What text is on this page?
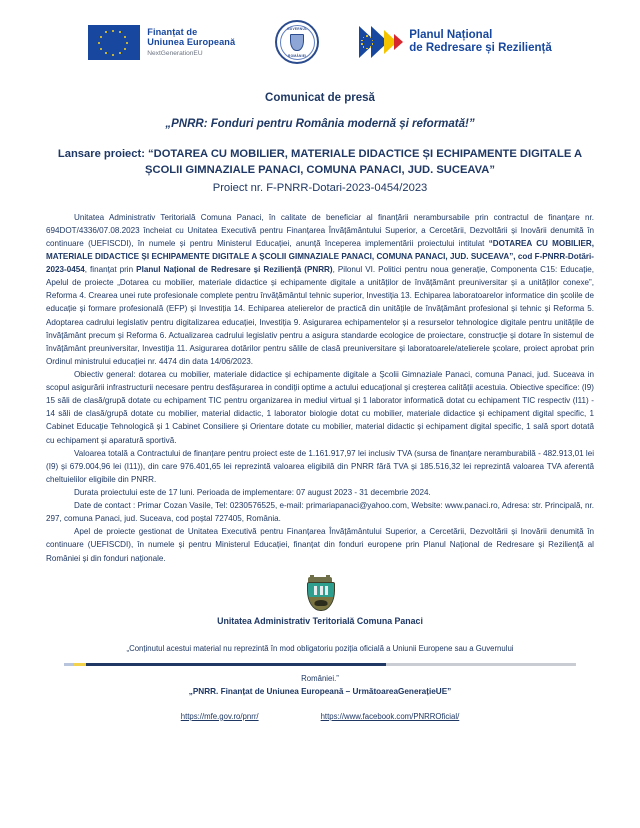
Finanțat de
Uniunea Europeană
NextGenerationEU
GUVERNUL
ROMÂNIEI
Planul Național
de Redresare și Reziliență
Comunicat de presă
„PNRR: Fonduri pentru România modernă și reformată!”
Lansare proiect: “DOTAREA CU MOBILIER, MATERIALE DIDACTICE ȘI ECHIPAMENTE DIGITALE A ȘCOLII GIMNAZIALE PANACI, COMUNA PANACI, JUD. SUCEAVA”
Proiect nr. F-PNRR-Dotari-2023-0454/2023

Unitatea Administrativ Teritorială Comuna Panaci, în calitate de beneficiar al finanțării nerambursabile prin contractul de finanțare nr. 694DOT/4336/07.08.2023 încheiat cu Unitatea Executivă pentru Finanțarea Învățământului Superior, a Cercetării, Dezvoltării și Inovării denumită în continuare (UEFISCDI), în numele și pentru Ministerul Educației, anunță începerea implementării proiectului intitulat “DOTAREA CU MOBILIER, MATERIALE DIDACTICE ȘI ECHIPAMENTE DIGITALE A ȘCOLII GIMNAZIALE PANACI, COMUNA PANACI, JUD. SUCEAVA”, cod F-PNRR-Dotări-2023-0454, finanțat prin Planul Național de Redresare și Reziliență (PNRR), Pilonul VI. Politici pentru noua generație, Componenta C15: Educație, Apelul de proiecte „Dotarea cu mobilier, materiale didactice și echipamente digitale a unităților de învățământ preuniversitar și a unităților conexe”, Reforma 4. Crearea unei rute profesionale complete pentru învățământul tehnic superior, Investiția 13. Echiparea laboratoarelor informatice din școlile de educație și formare profesională (EFP) și Investiția 14. Echiparea atelierelor de practică din unitățile de învățământ profesional și tehnic și Reforma 5. Adoptarea cadrului legislativ pentru digitalizarea educației, Investiția 9. Asigurarea echipamentelor și a resurselor tehnologice digitale pentru unitățile de învățământ precum și Reforma 6. Actualizarea cadrului legislativ pentru a asigura standarde ecologice de proiectare, construcție și dotare în sistemul de învățământ preuniversitar, Investiția 11. Asigurarea dotărilor pentru sălile de clasă preuniversitare și laboratoarele/atelierele școlare, proiect aprobat prin Ordinul ministrului educației nr. 4474 din data 14/06/2023.

Obiectiv general: dotarea cu mobilier, materiale didactice și echipamente digitale a Școlii Gimnaziale Panaci, comuna Panaci, jud. Suceava in scopul asigurării infrastructurii necesare pentru desfășurarea in condiții optime a actului educațional și creșterea calității acestuia. Obiective specifice: (I9) 15 săli de clasă/grupă dotate cu echipament TIC pentru organizarea in mediul virtual și 1 laborator informatică dotat cu echipament TIC respectiv (I11) - 14 săli de clasă/grupă dotate cu mobilier, material didactic, 1 laborator biologie dotat cu mobilier, materiale didactice și echipament digital specific, 1 Cabinet Educație Tehnologică și 1 Cabinet Consiliere și Orientare dotate cu mobilier, material didactic și echipament digital specific, 1 sală sport dotată cu echipament și aparatură sportivă.

Valoarea totală a Contractului de finanțare pentru proiect este de 1.161.917,97 lei inclusiv TVA (sursa de finanțare neramburabilă - 482.913,01 lei (I9) și 679.004,96 lei (I11)), din care 976.401,65 lei reprezintă valoarea eligibilă din PNRR fără TVA și 185.516,32 lei reprezintă valoarea TVA aferentă cheltuielilor eligibile din PNRR.

Durata proiectului este de 17 luni. Perioada de implementare: 07 august 2023 - 31 decembrie 2024.

Date de contact : Primar Cozan Vasile, Tel: 0230576525, e-mail: primariapanaci@yahoo.com, Website: www.panaci.ro, Adresa: str. Principală, nr. 297, comuna Panaci, jud. Suceava, cod poștal 727405, România.

Apel de proiecte gestionat de Unitatea Executivă pentru Finanțarea Învățământului Superior, a Cercetării, Dezvoltării și Inovării denumită în continuare (UEFISCDI), în numele și pentru Ministerul Educației, finanțat din fonduri europene prin Planul Național de Redresare și Reziliență al României și din fonduri naționale.

Unitatea Administrativ Teritorială Comuna Panaci
„Conținutul acestui material nu reprezintă în mod obligatoriu poziția oficială a Uniunii Europene sau a Guvernului
României.”
„PNRR. Finanțat de Uniunea Europeană – UrmătoareaGenerațieUE”
https://mfe.gov.ro/pnrr/	https://www.facebook.com/PNRROficial/
